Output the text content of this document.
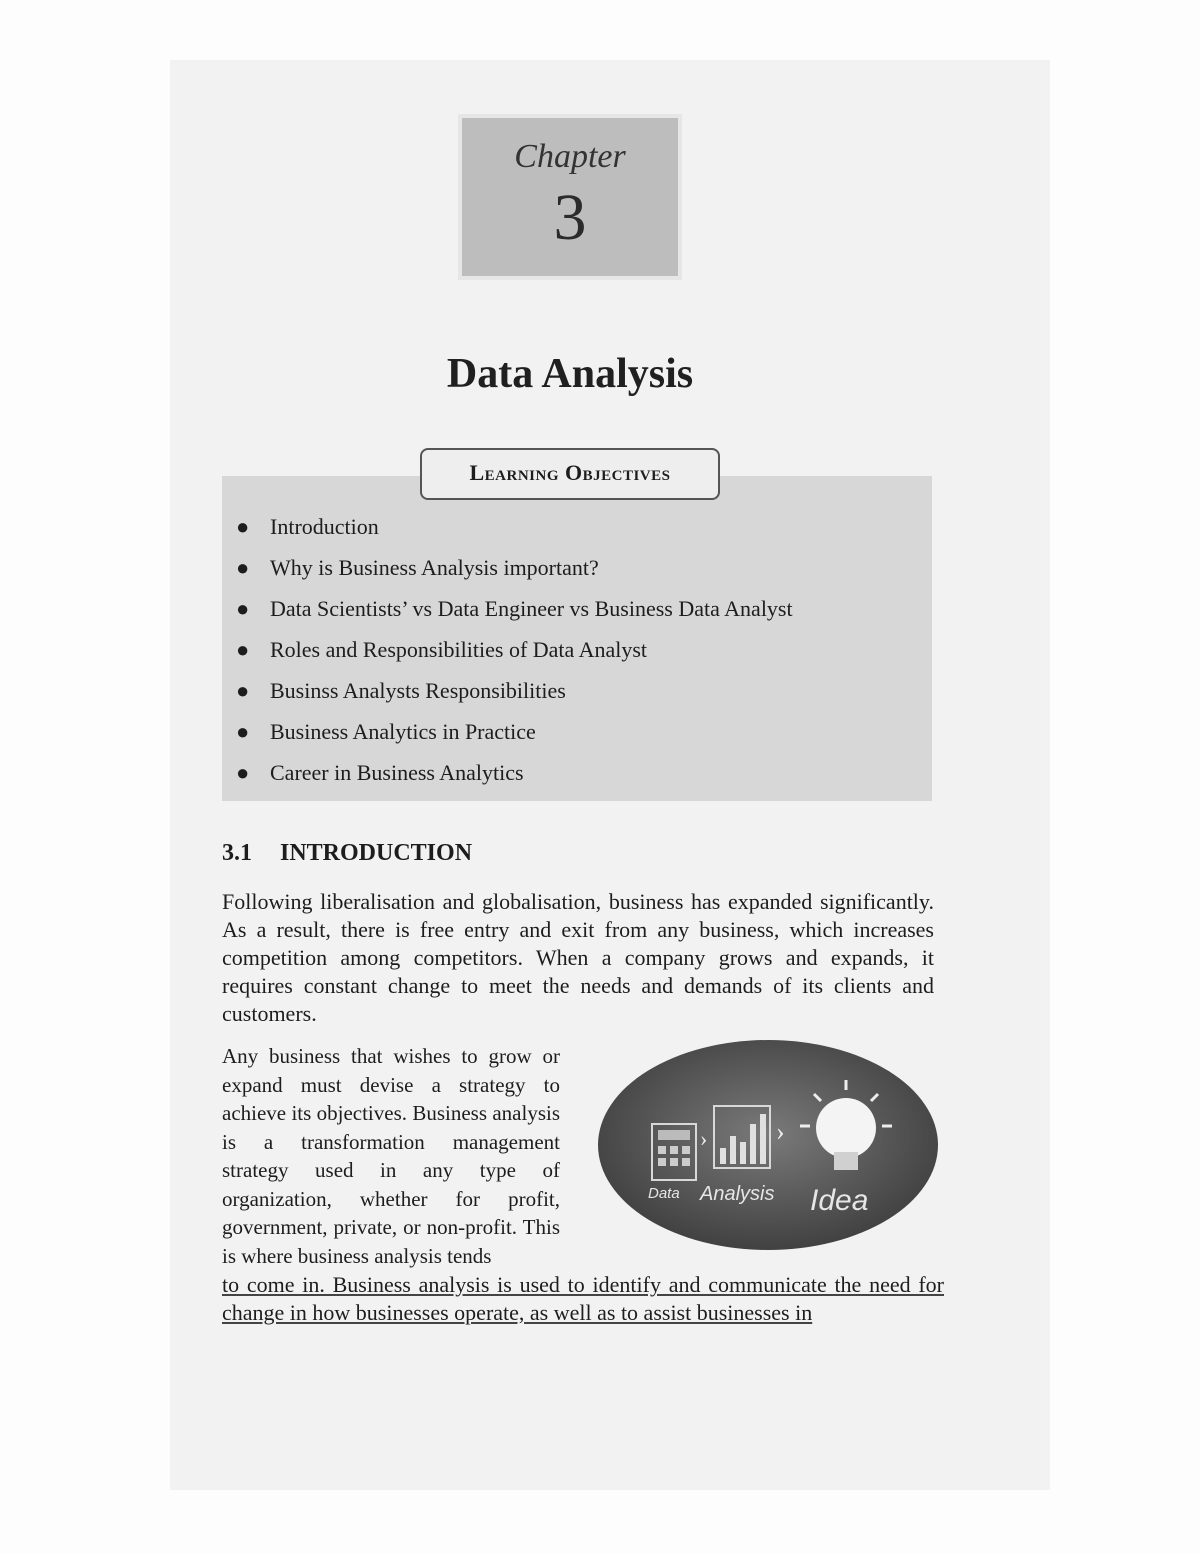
Chapter
3
Data Analysis
Learning Objectives
● Introduction
● Why is Business Analysis important?
● Data Scientists’ vs Data Engineer vs Business Data Analyst
● Roles and Responsibilities of Data Analyst
● Businss Analysts Responsibilities
● Business Analytics in Practice
● Career in Business Analytics
3.1 INTRODUCTION
Following liberalisation and globalisation, business has expanded significantly. As a result, there is free entry and exit from any business, which increases competition among competitors. When a company grows and expands, it requires constant change to meet the needs and demands of its clients and customers.
Any business that wishes to grow or expand must devise a strategy to achieve its objectives. Business analysis is a transformation management strategy used in any type of organization, whether for profit, government, private, or non-profit. This is where business analysis tends
to come in. Business analysis is used to identify and communicate the need for change in how businesses operate, as well as to assist businesses in
›	›
Data Analysis Idea
